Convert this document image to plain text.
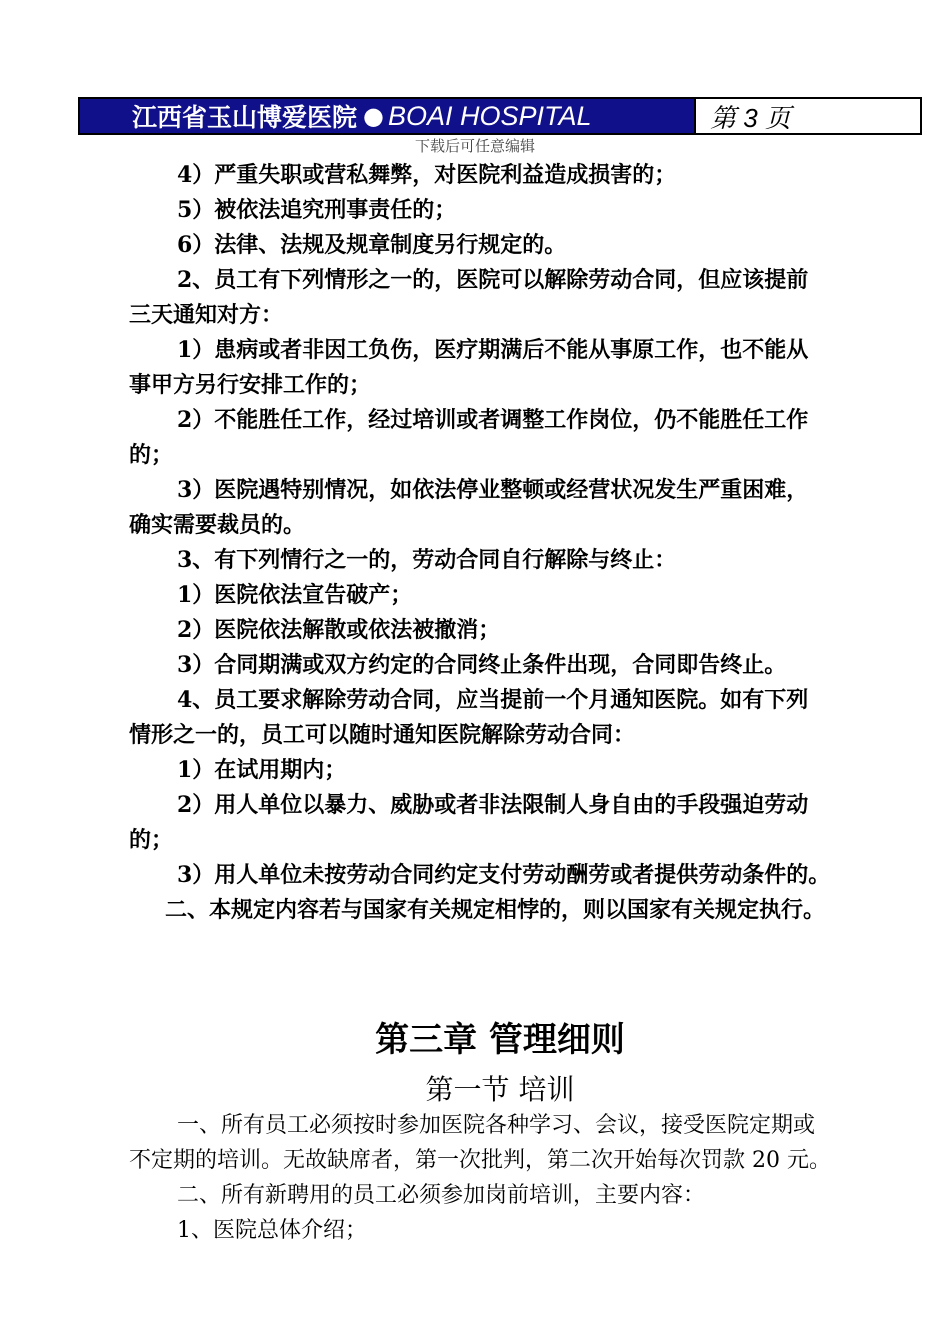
江西省玉山博爱医院 ● BOAI HOSPITAL	第 3 页
下载后可任意编辑

4）严重失职或营私舞弊，对医院利益造成损害的；

5）被依法追究刑事责任的；

6）法律、法规及规章制度另行规定的。

2、员工有下列情形之一的，医院可以解除劳动合同，但应该提前

三天通知对方：

1）患病或者非因工负伤，医疗期满后不能从事原工作，也不能从

事甲方另行安排工作的；

2）不能胜任工作，经过培训或者调整工作岗位，仍不能胜任工作

的；

3）医院遇特别情况，如依法停业整顿或经营状况发生严重困难，

确实需要裁员的。

3、有下列情行之一的，劳动合同自行解除与终止：

1）医院依法宣告破产；

2）医院依法解散或依法被撤消；

3）合同期满或双方约定的合同终止条件出现，合同即告终止。

4、员工要求解除劳动合同，应当提前一个月通知医院。如有下列

情形之一的，员工可以随时通知医院解除劳动合同：

1）在试用期内；

2）用人单位以暴力、威胁或者非法限制人身自由的手段强迫劳动

的；

3）用人单位未按劳动合同约定支付劳动酬劳或者提供劳动条件的。

二、本规定内容若与国家有关规定相悖的，则以国家有关规定执行。

第三章 管理细则
第一节 培训

一、所有员工必须按时参加医院各种学习、会议，接受医院定期或

不定期的培训。无故缺席者，第一次批判，第二次开始每次罚款 20 元。

二、所有新聘用的员工必须参加岗前培训，主要内容：

1、医院总体介绍；
